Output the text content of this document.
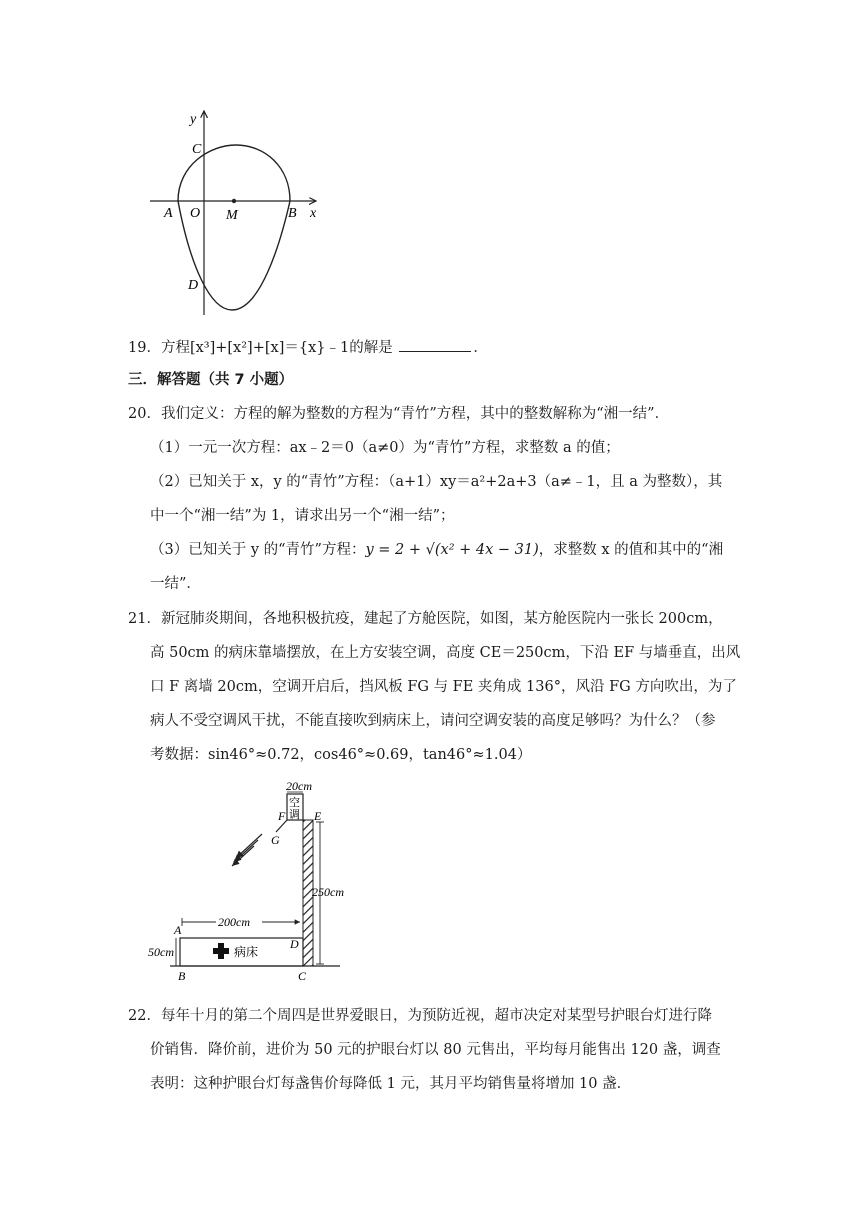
y
x
C
A O M	B
D
19．方程[x³]+[x²]+[x]＝{x}﹣1的解是	．
三．解答题（共 7 小题）
20．我们定义：方程的解为整数的方程为“青竹”方程，其中的整数解称为“湘一结”．
（1）一元一次方程：ax﹣2＝0（a≠0）为“青竹”方程，求整数 a 的值；
（2）已知关于 x，y 的“青竹”方程：（a+1）xy＝a²+2a+3（a≠﹣1，且 a 为整数），其
中一个“湘一结”为 1，请求出另一个“湘一结”；
（3）已知关于 y 的“青竹”方程：y = 2 + √(x² + 4x − 31)，求整数 x 的值和其中的“湘
一结”．
21．新冠肺炎期间，各地积极抗疫，建起了方舱医院，如图，某方舱医院内一张长 200cm，
高 50cm 的病床靠墙摆放，在上方安装空调，高度 CE＝250cm，下沿 EF 与墙垂直，出风
口 F 离墙 20cm，空调开启后，挡风板 FG 与 FE 夹角成 136°，风沿 FG 方向吹出，为了
病人不受空调风干扰，不能直接吹到病床上，请问空调安装的高度足够吗？为什么？（参
考数据：sin46°≈0.72，cos46°≈0.69，tan46°≈1.04）
空
调
20cm
F E
G
250cm
病床
200cm
50cm
A
B	C
D
22．每年十月的第二个周四是世界爱眼日，为预防近视，超市决定对某型号护眼台灯进行降
价销售．降价前，进价为 50 元的护眼台灯以 80 元售出，平均每月能售出 120 盏，调查
表明：这种护眼台灯每盏售价每降低 1 元，其月平均销售量将增加 10 盏．
